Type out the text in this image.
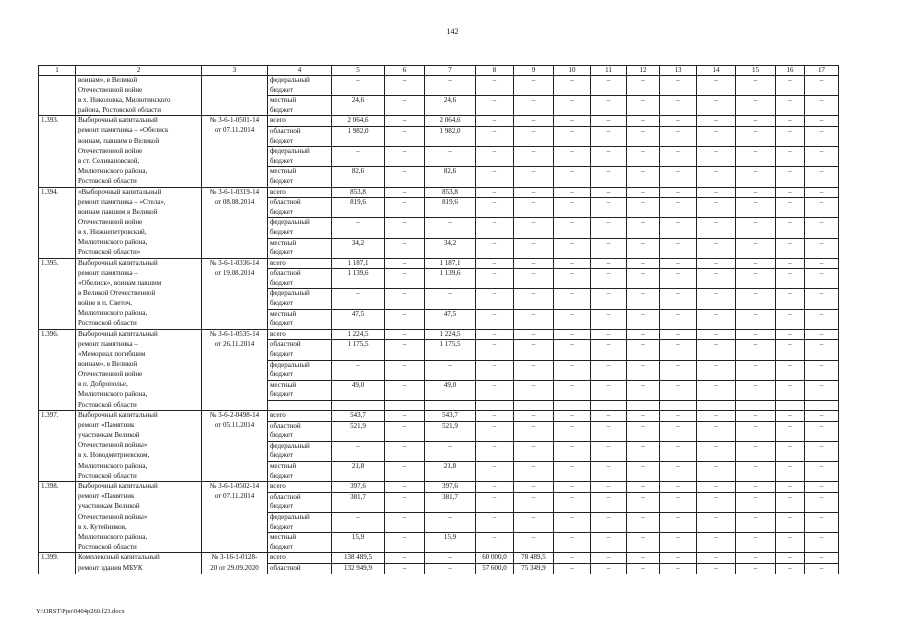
142
1	2	3	4	5	6	7	8	9	10	11	12	13	14	15	16	17
	воинам», в Великой		федеральный	–	–	–	–	–	–	–	–	–	–	–	–	–
	Отечественной войне		бюджет													
	в х. Николовка, Милютинского		местный	24,6	–	24,6	–	–	–	–	–	–	–	–	–	–
	района, Ростовской области		бюджет													
1.393.	Выборочный капитальный	№ 3-6-1-0501-14	всего	2 064,6	–	2 064,6	–	–	–	–	–	–	–	–	–	–
	ремонт памятника – «Обелиск	от 07.11.2014	областной	1 982,0	–	1 982,0	–	–	–	–	–	–	–	–	–	–
	воинам, павшим в Великой		бюджет													
	Отечественной войне		федеральный	–	–	–	–	–	–	–	–	–	–	–	–	–
	в ст. Селивановской,		бюджет													
	Милютинского района,		местный	82,6	–	82,6	–	–	–	–	–	–	–	–	–	–
	Ростовской области		бюджет													
1.394.	«Выборочный капитальный	№ 3-6-1-0319-14	всего	853,8	–	853,8	–	–	–	–	–	–	–	–	–	–
	ремонт памятника – «Стела»,	от 08.08.2014	областной	819,6	–	819,6	–	–	–	–	–	–	–	–	–	–
	воинам павшим в Великой		бюджет													
	Отечественной войне		федеральный	–	–	–	–	–	–	–	–	–	–	–	–	–
	в х. Нижнепетровский,		бюджет													
	Милютинского района,		местный	34,2	–	34,2	–	–	–	–	–	–	–	–	–	–
	Ростовской области»		бюджет													
1.395.	Выборочный капитальный	№ 3-6-1-0336-14	всего	1 187,1	–	1 187,1	–	–	–	–	–	–	–	–	–	–
	ремонт памятника –	от 19.08.2014	областной	1 139,6	–	1 139,6	–	–	–	–	–	–	–	–	–	–
	«Обелиск», воинам павшим		бюджет													
	в Великой Отечественной		федеральный	–	–	–	–	–	–	–	–	–	–	–	–	–
	войне в п. Светоч,		бюджет													
	Милютинского района,		местный	47,5	–	47,5	–	–	–	–	–	–	–	–	–	–
	Ростовской области		бюджет													
1.396.	Выборочный капитальный	№ 3-6-1-0535-14	всего	1 224,5	–	1 224,5	–	–	–	–	–	–	–	–	–	–
	ремонт памятника –	от 26.11.2014	областной	1 175,5	–	1 175,5	–	–	–	–	–	–	–	–	–	–
	«Мемориал погибшим		бюджет													
	воинам», в Великой		федеральный	–	–	–	–	–	–	–	–	–	–	–	–	–
	Отечественной войне		бюджет													
	в п. Доброполье,		местный	49,0	–	49,0	–	–	–	–	–	–	–	–	–	–
	Милютинского района,		бюджет													
	Ростовской области															
1.397.	Выборочный капитальный	№ 3-6-2-0498-14	всего	543,7	–	543,7	–	–	–	–	–	–	–	–	–	–
	ремонт «Памятник	от 05.11.2014	областной	521,9	–	521,9	–	–	–	–	–	–	–	–	–	–
	участникам Великой		бюджет													
	Отечественной войны»		федеральный	–	–	–	–	–	–	–	–	–	–	–	–	–
	в х. Новодмитриевском,		бюджет													
	Милютинского района,		местный	21,8	–	21,8	–	–	–	–	–	–	–	–	–	–
	Ростовской области		бюджет													
1.398.	Выборочный капитальный	№ 3-6-1-0502-14	всего	397,6	–	397,6	–	–	–	–	–	–	–	–	–	–
	ремонт «Памятник	от 07.11.2014	областной	381,7	–	381,7	–	–	–	–	–	–	–	–	–	–
	участникам Великой		бюджет													
	Отечественной войны»		федеральный	–	–	–	–	–	–	–	–	–	–	–	–	–
	в х. Кутейников,		бюджет													
	Милютинского района,		местный	15,9	–	15,9	–	–	–	–	–	–	–	–	–	–
	Ростовской области		бюджет													
1.399.	Комплексный капитальный	№ 3-16-1-0128-	всего	138 489,5	–	–	60 000,0	78 489,5	–	–	–	–	–	–	–	–
	ремонт здания МБУК	20 от 29.09.2020	областной	132 949,9	–	–	57 600,0	75 349,9	–	–	–	–	–	–	–	–
Y:\ORST\Ppo\0404p260.f23.docx
